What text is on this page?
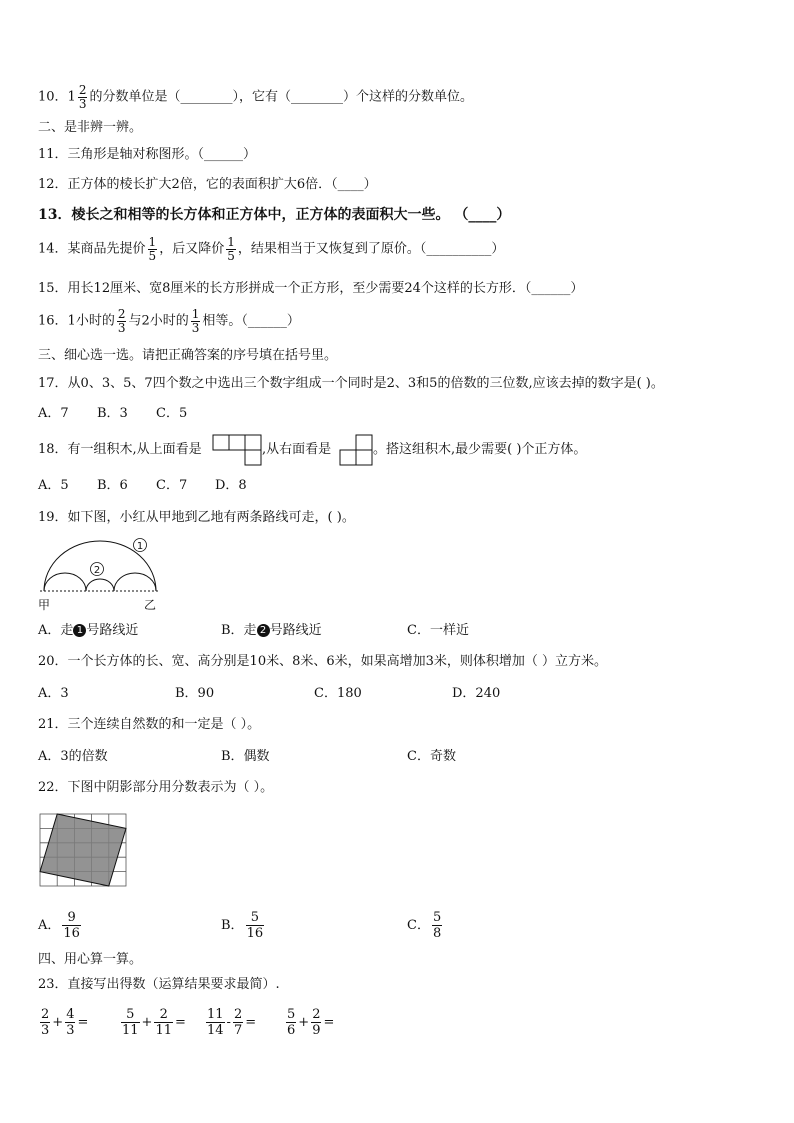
10．$1 \frac{2}{3}$ 的分数单位是（________），它有（________）个这样的分数单位。
二、是非辨一辨。
11．三角形是轴对称图形。（______）
12．正方体的棱长扩大2倍，它的表面积扩大6倍．（____）
13．棱长之和相等的长方体和正方体中，正方体的表面积大一些。 （____）
14．某商品先提价 $\frac{1}{5}$ ，后又降价 $\frac{1}{5}$ ，结果相当于又恢复到了原价。（__________）
15．用长12厘米、宽8厘米的长方形拼成一个正方形，至少需要24个这样的长方形．（______）
16．1小时的 $\frac{2}{3}$ 与2小时的 $\frac{1}{3}$ 相等。（______）
三、细心选一选。请把正确答案的序号填在括号里。
17．从0、3、5、7四个数之中选出三个数字组成一个同时是2、3和5的倍数的三位数,应该去掉的数字是( )。
A．7 B．3 C．5
18．有一组积木,从上面看是	,从右面看是	。搭这组积木,最少需要( )个正方体。
A．5 B．6 C．7 D．8
19．如下图，小红从甲地到乙地有两条路线可走，( )。
1
2
甲	乙
A．走 1 号路线近	B．走 2 号路线近	C．一样近
20．一个长方体的长、宽、高分别是10米、8米、6米，如果高增加3米，则体积增加（ ）立方米。
A．3	B．90	C．180	D．240
21．三个连续自然数的和一定是（ ）。
A．3的倍数	B．偶数	C．奇数
22．下图中阴影部分用分数表示为（ ）。
A． $\frac{9}{16}$	B． $\frac{5}{16}$	C． $\frac{5}{8}$
四、用心算一算。
23．直接写出得数（运算结果要求最简）.
$\frac{2}{3} + \frac{4}{3}$ =	$\frac{5}{11} + \frac{2}{11} = \frac{11}{14} - \frac{2}{7} = \frac{5}{6} + \frac{2}{9}$ =
